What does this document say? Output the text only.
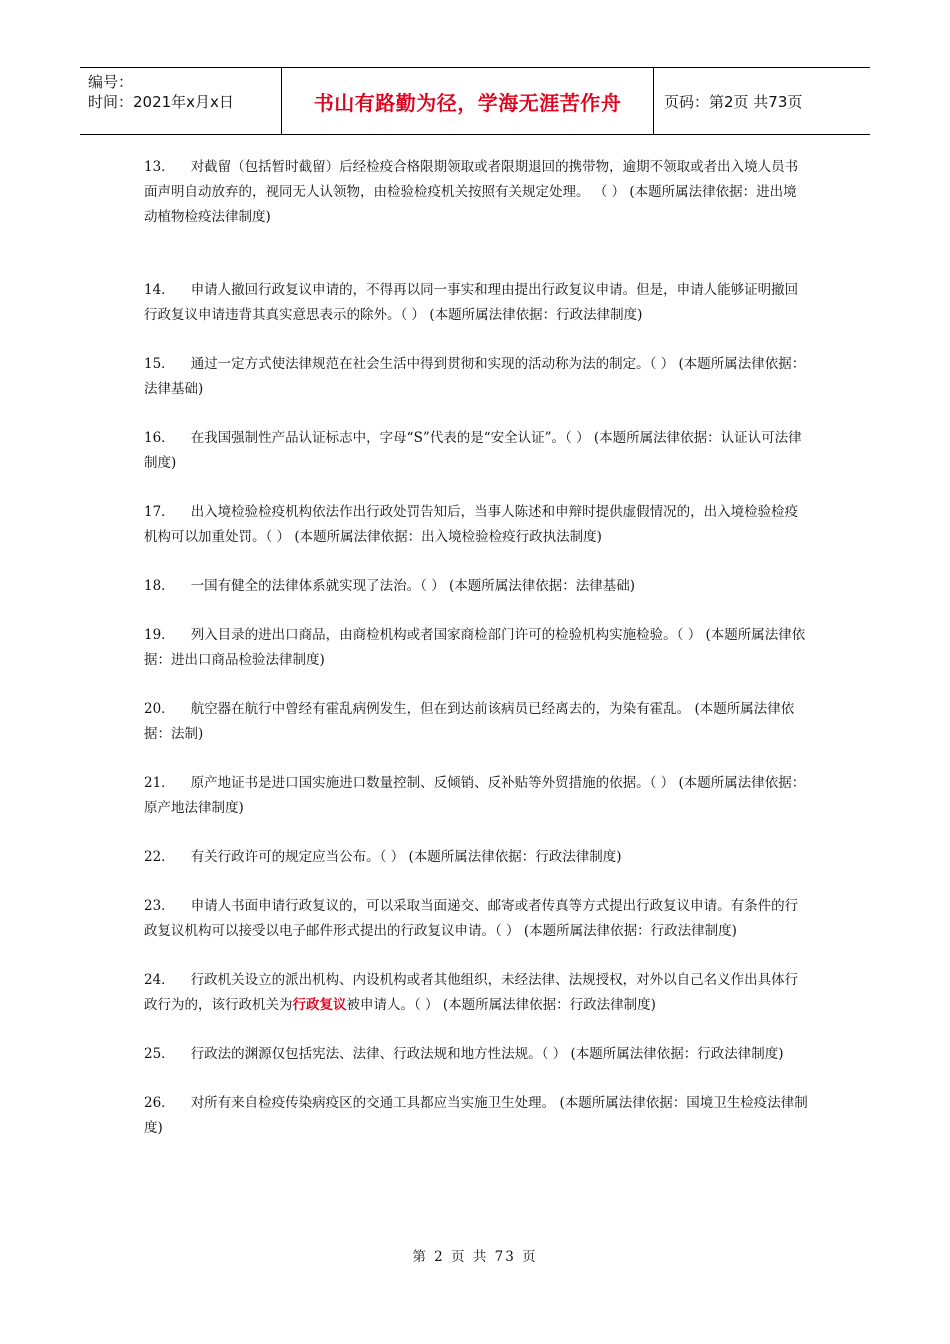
编号：
时间：2021年x月x日	书山有路勤为径，学海无涯苦作舟	页码：第2页 共73页

13． 对截留（包括暂时截留）后经检疫合格限期领取或者限期退回的携带物，逾期不领取或者出入境人员书面声明自动放弃的，视同无人认领物，由检验检疫机关按照有关规定处理。 （ ） (本题所属法律依据：进出境动植物检疫法律制度)

14． 申请人撤回行政复议申请的，不得再以同一事实和理由提出行政复议申请。但是，申请人能够证明撤回行政复议申请违背其真实意思表示的除外。（ ） (本题所属法律依据：行政法律制度)

15． 通过一定方式使法律规范在社会生活中得到贯彻和实现的活动称为法的制定。（ ） (本题所属法律依据：法律基础)

16． 在我国强制性产品认证标志中，字母“S”代表的是“安全认证”。（ ） (本题所属法律依据：认证认可法律制度)

17． 出入境检验检疫机构依法作出行政处罚告知后，当事人陈述和申辩时提供虚假情况的，出入境检验检疫机构可以加重处罚。（ ） (本题所属法律依据：出入境检验检疫行政执法制度)

18． 一国有健全的法律体系就实现了法治。（ ） (本题所属法律依据：法律基础)

19． 列入目录的进出口商品，由商检机构或者国家商检部门许可的检验机构实施检验。（ ） (本题所属法律依据：进出口商品检验法律制度)

20． 航空器在航行中曾经有霍乱病例发生，但在到达前该病员已经离去的，为染有霍乱。 (本题所属法律依据：法制)

21． 原产地证书是进口国实施进口数量控制、反倾销、反补贴等外贸措施的依据。（ ） (本题所属法律依据：原产地法律制度)

22． 有关行政许可的规定应当公布。（ ） (本题所属法律依据：行政法律制度)

23． 申请人书面申请行政复议的，可以采取当面递交、邮寄或者传真等方式提出行政复议申请。有条件的行政复议机构可以接受以电子邮件形式提出的行政复议申请。（ ） (本题所属法律依据：行政法律制度)

24． 行政机关设立的派出机构、内设机构或者其他组织，未经法律、法规授权，对外以自己名义作出具体行政行为的，该行政机关为行政复议被申请人。（ ） (本题所属法律依据：行政法律制度)

25． 行政法的渊源仅包括宪法、法律、行政法规和地方性法规。（ ） (本题所属法律依据：行政法律制度)

26． 对所有来自检疫传染病疫区的交通工具都应当实施卫生处理。 (本题所属法律依据：国境卫生检疫法律制度)

第 2 页 共 73 页
